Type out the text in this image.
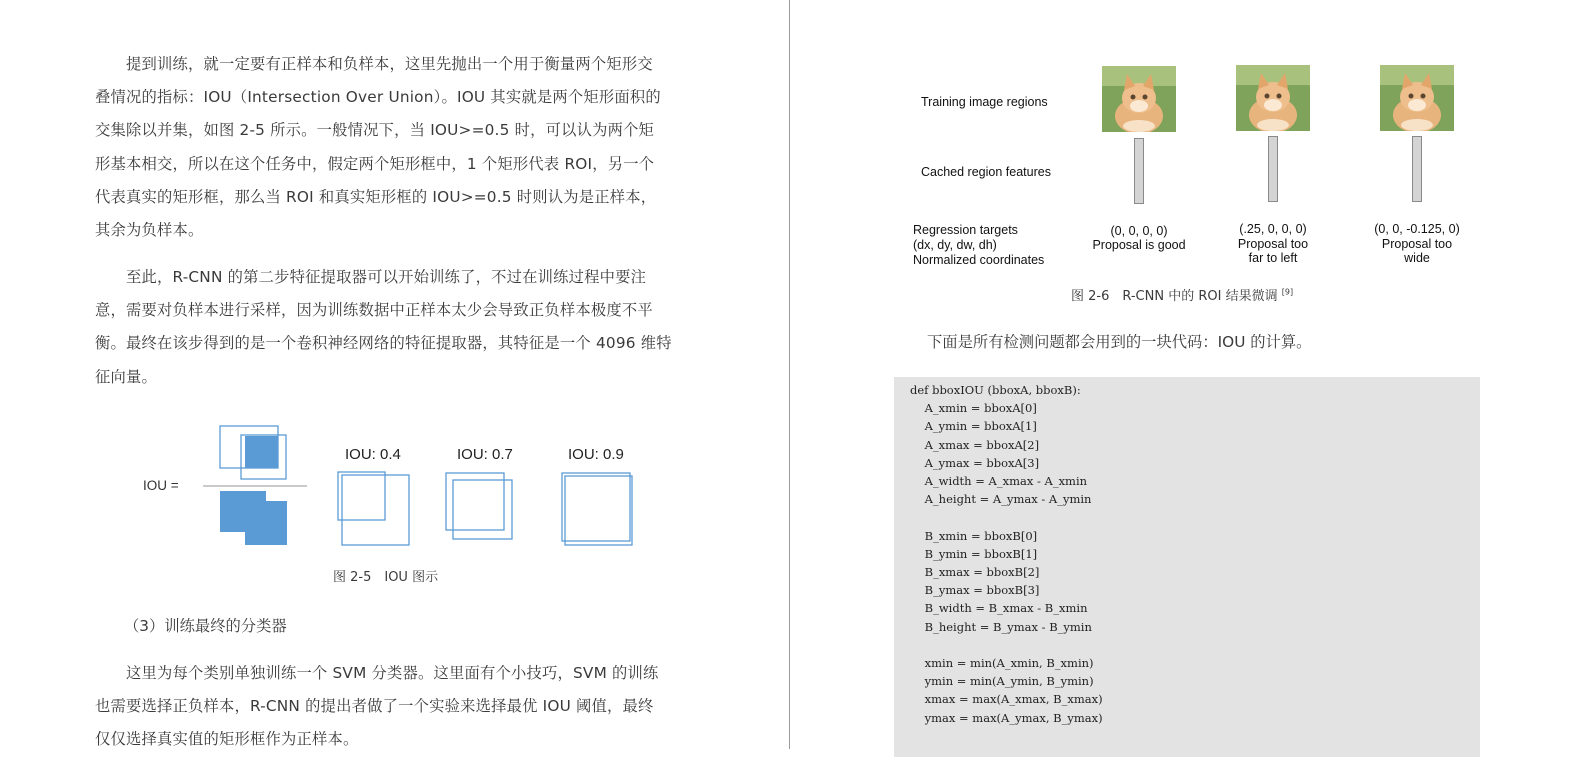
提到训练，就一定要有正样本和负样本，这里先抛出一个用于衡量两个矩形交
叠情况的指标：IOU（Intersection Over Union）。IOU 其实就是两个矩形面积的
交集除以并集，如图 2-5 所示。一般情况下，当 IOU>=0.5 时，可以认为两个矩
形基本相交，所以在这个任务中，假定两个矩形框中，1 个矩形代表 ROI，另一个
代表真实的矩形框，那么当 ROI 和真实矩形框的 IOU>=0.5 时则认为是正样本，
其余为负样本。

至此，R-CNN 的第二步特征提取器可以开始训练了，不过在训练过程中要注
意，需要对负样本进行采样，因为训练数据中正样本太少会导致正负样本极度不平
衡。最终在该步得到的是一个卷积神经网络的特征提取器，其特征是一个 4096 维特
征向量。

IOU =
IOU: 0.4	IOU: 0.7	IOU: 0.9
图 2-5　IOU 图示

（3）训练最终的分类器

这里为每个类别单独训练一个 SVM 分类器。这里面有个小技巧，SVM 的训练
也需要选择正负样本，R-CNN 的提出者做了一个实验来选择最优 IOU 阈值，最终
仅仅选择真实值的矩形框作为正样本。

Training image regions
Cached region features
Regression targets
(dx, dy, dw, dh)
Normalized coordinates
(0, 0, 0, 0)
Proposal is good
(.25, 0, 0, 0)
Proposal too
far to left
(0, 0, -0.125, 0)
Proposal too
wide
图 2-6　R-CNN 中的 ROI 结果微调 [9]

下面是所有检测问题都会用到的一块代码：IOU 的计算。

def bboxIOU (bboxA, bboxB):
A_xmin = bboxA[0]
A_ymin = bboxA[1]
A_xmax = bboxA[2]
A_ymax = bboxA[3]
A_width = A_xmax - A_xmin
A_height = A_ymax - A_ymin

B_xmin = bboxB[0]
B_ymin = bboxB[1]
B_xmax = bboxB[2]
B_ymax = bboxB[3]
B_width = B_xmax - B_xmin
B_height = B_ymax - B_ymin

xmin = min(A_xmin, B_xmin)
ymin = min(A_ymin, B_ymin)
xmax = max(A_xmax, B_xmax)
ymax = max(A_ymax, B_ymax)
